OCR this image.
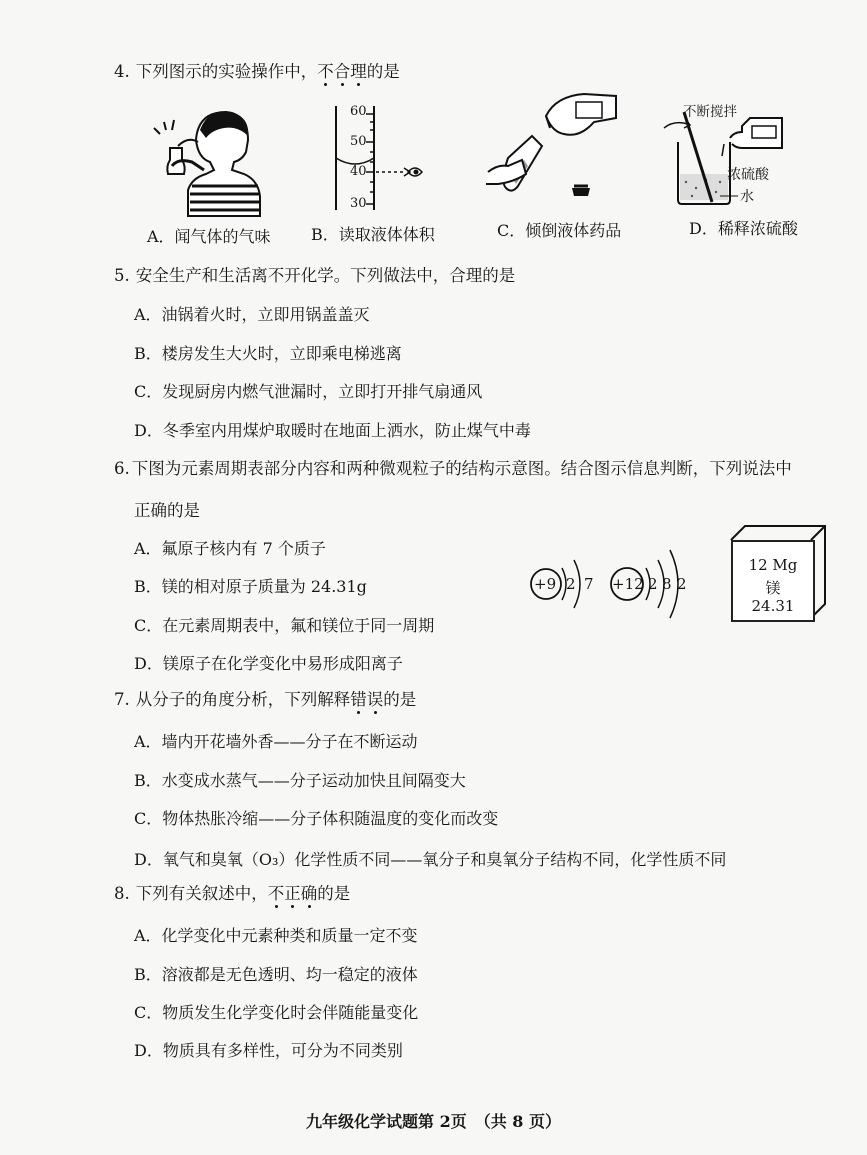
4. 下列图示的实验操作中，不合理的是
60
50
40
30
不断搅拌
浓硫酸
水
A．闻气体的气味	B．读取液体体积	C．倾倒液体药品	D．稀释浓硫酸
5. 安全生产和生活离不开化学。下列做法中，合理的是
A．油锅着火时，立即用锅盖盖灭
B．楼房发生大火时，立即乘电梯逃离
C．发现厨房内燃气泄漏时，立即打开排气扇通风
D．冬季室内用煤炉取暖时在地面上洒水，防止煤气中毒
6. 下图为元素周期表部分内容和两种微观粒子的结构示意图。结合图示信息判断，下列说法中
正确的是
A．氟原子核内有 7 个质子
B．镁的相对原子质量为 24.31g
C．在元素周期表中，氟和镁位于同一周期
D．镁原子在化学变化中易形成阳离子
+9 2 7 +12 2 8 2
12 Mg
镁
24.31
7. 从分子的角度分析，下列解释错误的是
A．墙内开花墙外香——分子在不断运动
B．水变成水蒸气——分子运动加快且间隔变大
C．物体热胀冷缩——分子体积随温度的变化而改变
D．氧气和臭氧（O₃）化学性质不同——氧分子和臭氧分子结构不同，化学性质不同
8. 下列有关叙述中，不正确的是
A．化学变化中元素种类和质量一定不变
B．溶液都是无色透明、均一稳定的液体
C．物质发生化学变化时会伴随能量变化
D．物质具有多样性，可分为不同类别
九年级化学试题第 2页　（共 8 页）
